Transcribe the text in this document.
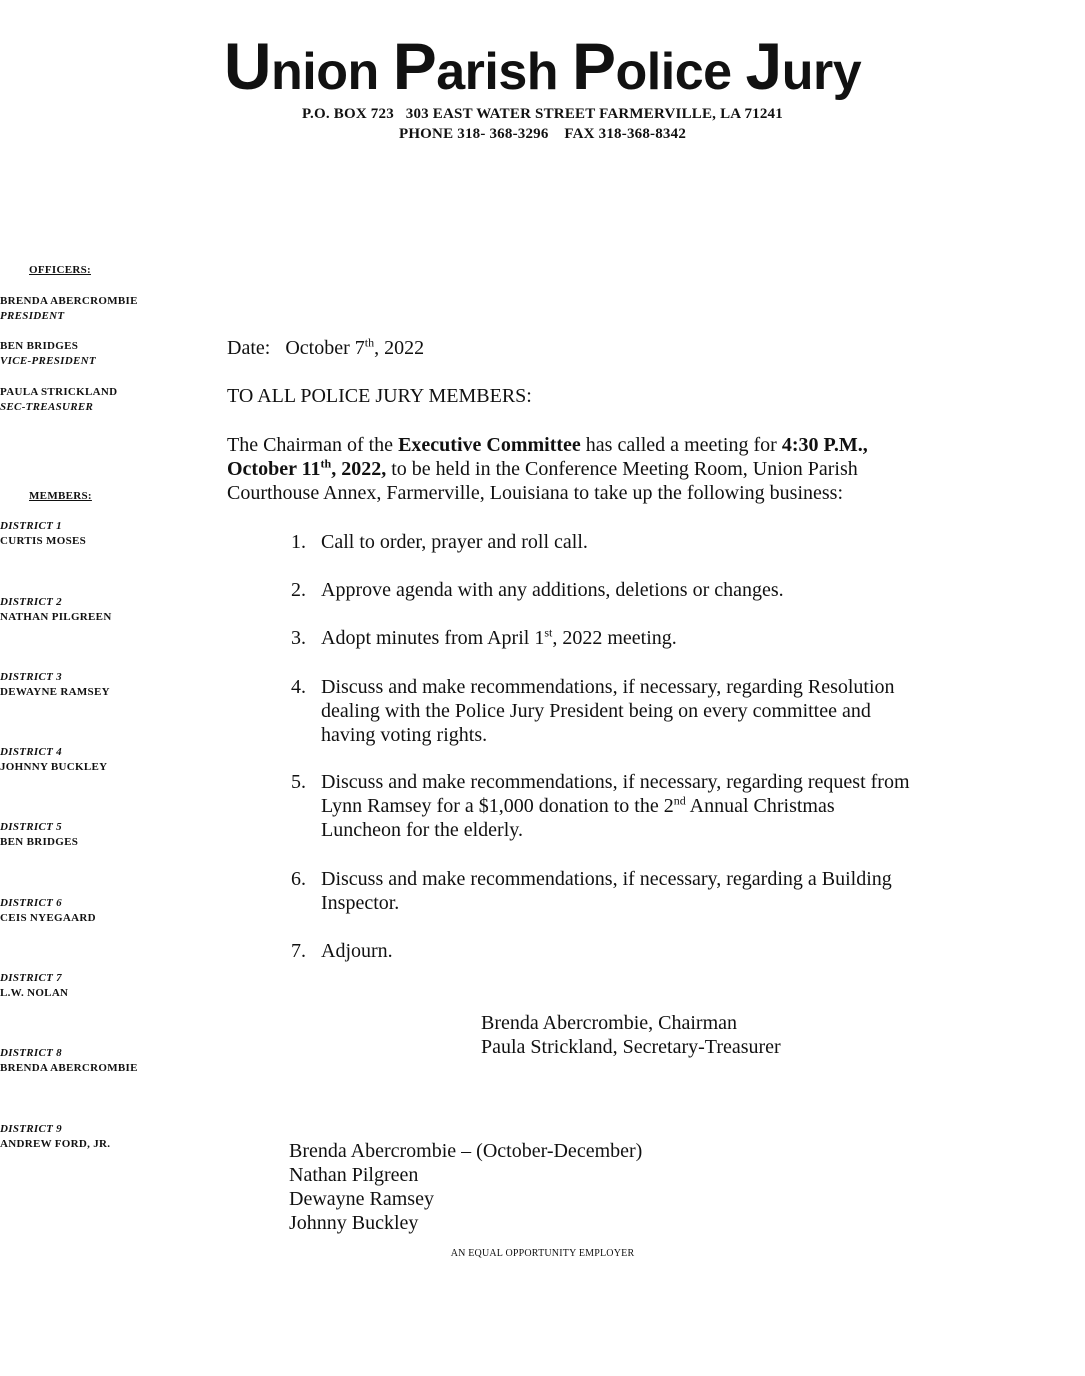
Union Parish Police Jury
P.O. BOX 723   303 EAST WATER STREET FARMERVILLE, LA 71241
PHONE 318- 368-3296    FAX 318-368-8342
OFFICERS:
BRENDA ABERCROMBIE
PRESIDENT
BEN BRIDGES
VICE-PRESIDENT
PAULA STRICKLAND
SEC-TREASURER
MEMBERS:
DISTRICT 1
CURTIS MOSES
DISTRICT 2
NATHAN PILGREEN
DISTRICT 3
DEWAYNE RAMSEY
DISTRICT 4
JOHNNY BUCKLEY
DISTRICT 5
BEN BRIDGES
DISTRICT 6
CEIS NYEGAARD
DISTRICT 7
L.W. NOLAN
DISTRICT 8
BRENDA ABERCROMBIE
DISTRICT 9
ANDREW FORD, JR.
Date: October 7th, 2022
TO ALL POLICE JURY MEMBERS:
The Chairman of the Executive Committee has called a meeting for 4:30 P.M.,
October 11th, 2022, to be held in the Conference Meeting Room, Union Parish
Courthouse Annex, Farmerville, Louisiana to take up the following business:
1. Call to order, prayer and roll call.
2. Approve agenda with any additions, deletions or changes.
3. Adopt minutes from April 1st, 2022 meeting.
4. Discuss and make recommendations, if necessary, regarding Resolution
dealing with the Police Jury President being on every committee and
having voting rights.
5. Discuss and make recommendations, if necessary, regarding request from
Lynn Ramsey for a $1,000 donation to the 2nd Annual Christmas
Luncheon for the elderly.
6. Discuss and make recommendations, if necessary, regarding a Building
Inspector.
7. Adjourn.
Brenda Abercrombie, Chairman
Paula Strickland, Secretary-Treasurer
Brenda Abercrombie – (October-December)
Nathan Pilgreen
Dewayne Ramsey
Johnny Buckley
AN EQUAL OPPORTUNITY EMPLOYER
